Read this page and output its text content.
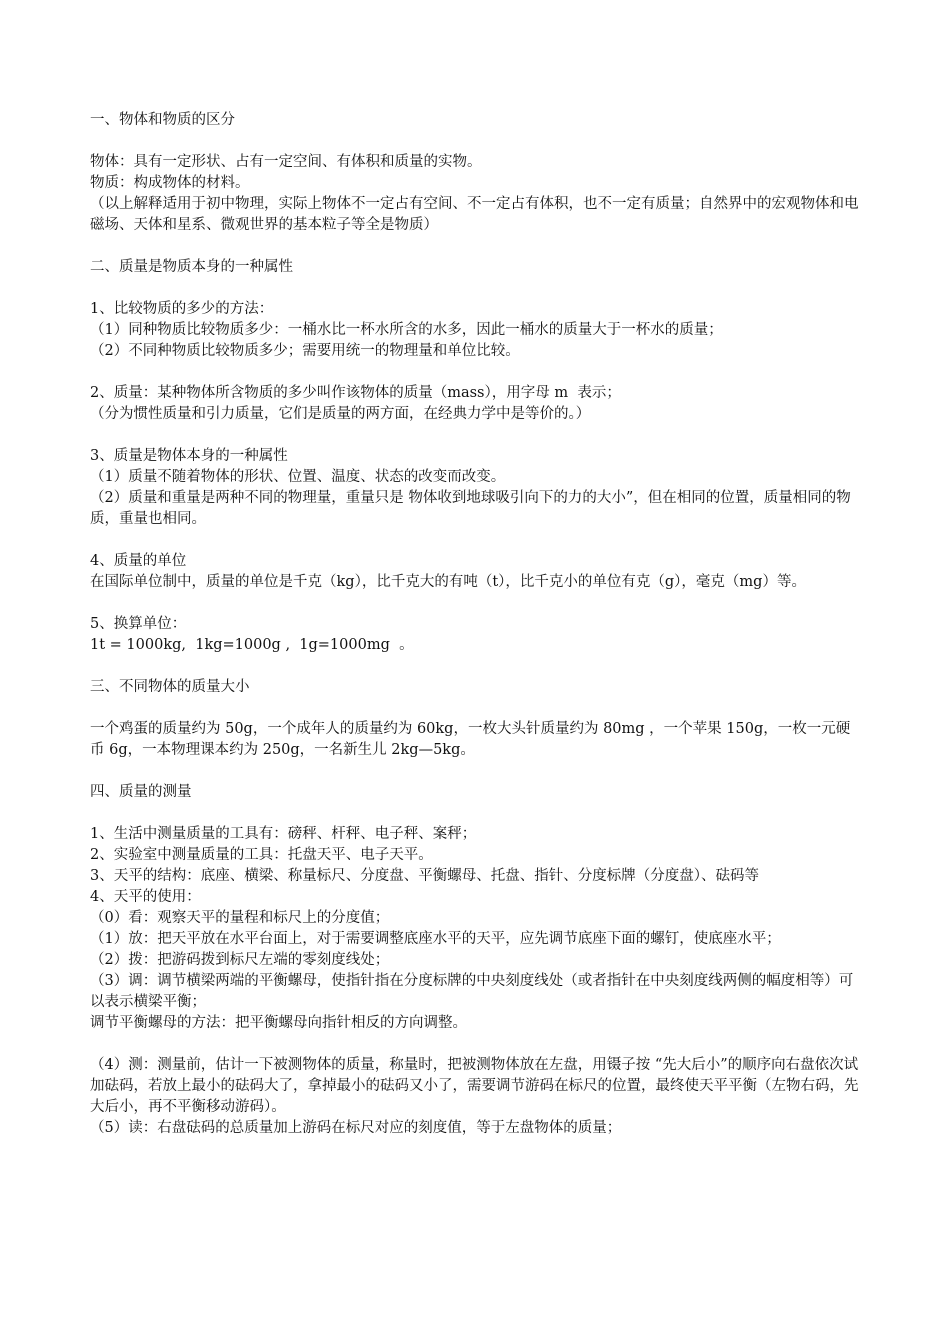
一、物体和物质的区分
物体：具有一定形状、占有一定空间、有体积和质量的实物。
物质：构成物体的材料。
（以上解释适用于初中物理，实际上物体不一定占有空间、不一定占有体积，也不一定有质量；自然界中的宏观物体和电磁场、天体和星系、微观世界的基本粒子等全是物质）
二、质量是物质本身的一种属性
1、比较物质的多少的方法：
（1）同种物质比较物质多少：一桶水比一杯水所含的水多，因此一桶水的质量大于一杯水的质量；
（2）不同种物质比较物质多少；需要用统一的物理量和单位比较。
2、质量：某种物体所含物质的多少叫作该物体的质量（mass），用字母 m  表示；
（分为惯性质量和引力质量，它们是质量的两方面，在经典力学中是等价的。）
3、质量是物体本身的一种属性
（1）质量不随着物体的形状、位置、温度、状态的改变而改变。
（2）质量和重量是两种不同的物理量，重量只是 物体收到地球吸引向下的力的大小”，但在相同的位置，质量相同的物质，重量也相同。
4、质量的单位
在国际单位制中，质量的单位是千克（kg），比千克大的有吨（t），比千克小的单位有克（g），毫克（mg）等。
5、换算单位：
1t = 1000kg,  1kg=1000g ,  1g=1000mg  。
三、不同物体的质量大小
一个鸡蛋的质量约为 50g，一个成年人的质量约为 60kg，一枚大头针质量约为 80mg ，一个苹果 150g，一枚一元硬币 6g，一本物理课本约为 250g，一名新生儿 2kg—5kg。
四、质量的测量
1、生活中测量质量的工具有：磅秤、杆秤、电子秤、案秤；
2、实验室中测量质量的工具：托盘天平、电子天平。
3、天平的结构：底座、横梁、称量标尺、分度盘、平衡螺母、托盘、指针、分度标牌（分度盘）、砝码等
4、天平的使用：
（0）看：观察天平的量程和标尺上的分度值；
（1）放：把天平放在水平台面上，对于需要调整底座水平的天平，应先调节底座下面的螺钉，使底座水平；
（2）拨：把游码拨到标尺左端的零刻度线处；
（3）调：调节横梁两端的平衡螺母，使指针指在分度标牌的中央刻度线处（或者指针在中央刻度线两侧的幅度相等）可以表示横梁平衡；
调节平衡螺母的方法：把平衡螺母向指针相反的方向调整。
（4）测：测量前，估计一下被测物体的质量，称量时，把被测物体放在左盘，用镊子按 “先大后小”的顺序向右盘依次试加砝码，若放上最小的砝码大了，拿掉最小的砝码又小了，需要调节游码在标尺的位置，最终使天平平衡（左物右码，先大后小，再不平衡移动游码）。
（5）读：右盘砝码的总质量加上游码在标尺对应的刻度值，等于左盘物体的质量；
